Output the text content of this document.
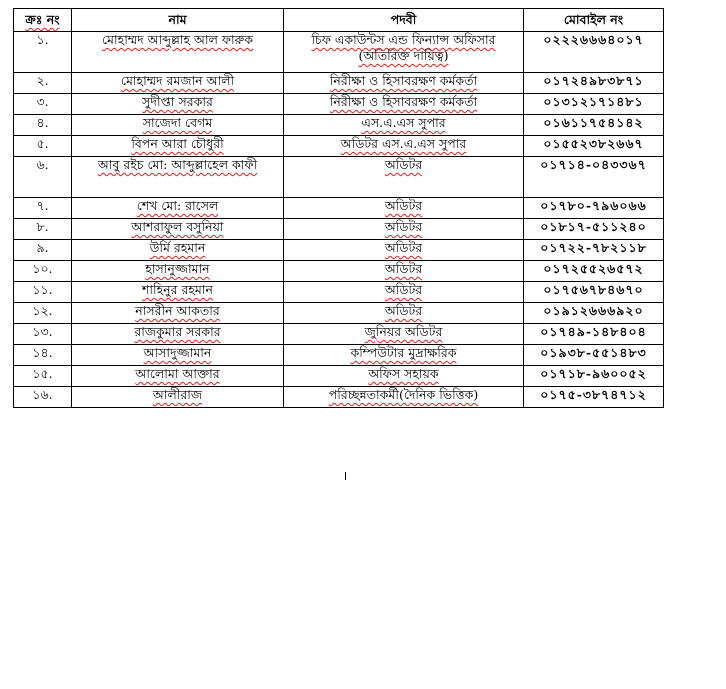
ক্রঃ নং	নাম	পদবী	মোবাইল নং
১.	মোহাম্মদ আব্দুল্লাহ আল ফারুক	চিফ একাউন্টস এন্ড ফিন্যান্স অফিসার (অতিরিক্ত দায়িত্ব)	০২২২৬৬৬৪০১৭
২.	মোহাম্মদ রমজান আলী	নিরীক্ষা ও হিসাবরক্ষণ কর্মকর্তা	০১৭২৪৯৮৩৮৭১
৩.	সুদীপ্তা সরকার	নিরীক্ষা ও হিসাবরক্ষণ কর্মকর্তা	০১৩১২১৭১৪৮১
৪.	সাজেদা বেগম	এস.এ.এস সুপার	০১৬১১৭৫৪১৪২
৫.	বিপন আরা চৌধুরী	অডিটর এস.এ.এস সুপার	০১৫৫২৩৮২৬৬৭
৬.	আবু রইচ মো: আব্দুল্লাহেল কাফী	অডিটর	০১৭১৪-০৪৩৩৬৭
৭.	শেখ মো: রাসেল	অডিটর	০১৭৮০-৭৯৬০৬৬
৮.	আশরাফুল বসুনিয়া	অডিটর	০১৮১৭-৫১১২৪০
৯.	উর্মি রহমান	অডিটর	০১৭২২-৭৮২১১৮
১০.	হাসানুজ্জামান	অডিটর	০১৭২৫৫২৬৫৭২
১১.	শাহিনুর রহমান	অডিটর	০১৭৫৬৭৮৪৬৭০
১২.	নাসরীন আকতার	অডিটর	০১৯১২৬৬৬৯২০
১৩.	রাজকুমার সরকার	জুনিয়র অডিটর	০১৭৪৯-১৪৮৪০৪
১৪.	আসাদুজ্জামান	কম্পিউটার মুদ্রাক্ষরিক	০১৯৩৮-৫৫১৪৮৩
১৫.	আলোমা আক্তার	অফিস সহায়ক	০১৭১৮-৯৬০০৫২
১৬.	আলীরাজ	পরিচ্ছন্নতাকর্মী(দৈনিক ভিত্তিক)	০১৭৫-৩৮৭৪৭১২
